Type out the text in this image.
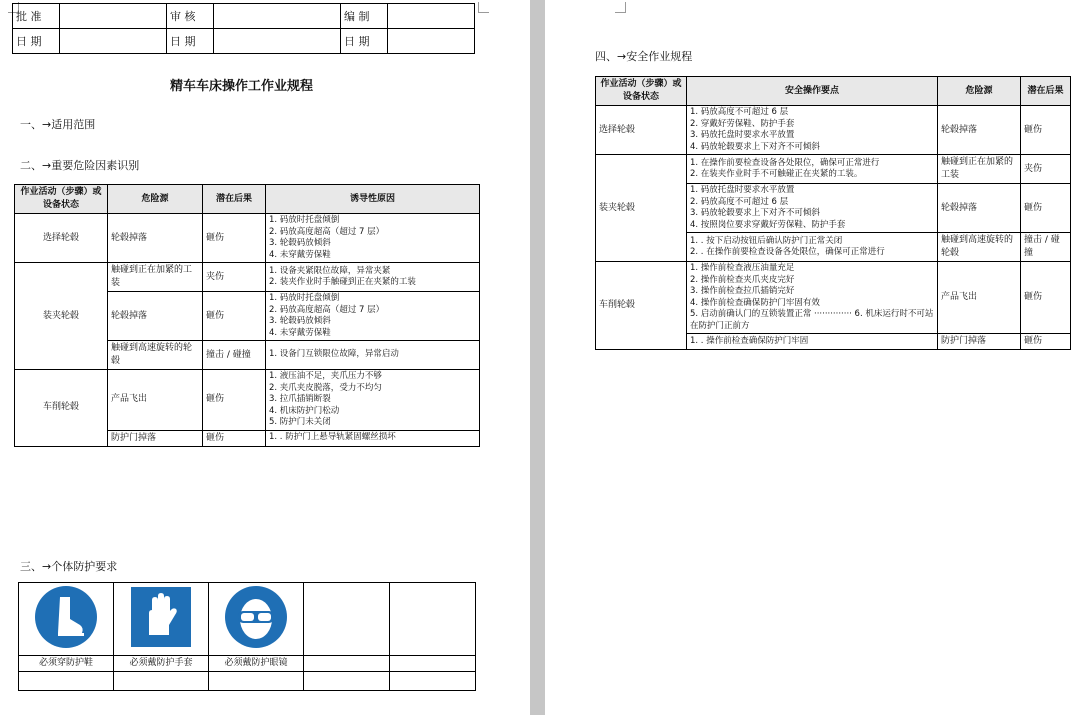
批 准		审 核		编 制	
日 期		日 期		日 期	
精车车床操作工作业规程
一、→适用范围
二、→重要危险因素识别
作业活动（步骤）或设备状态	危险源	潜在后果	诱导性原因
选择轮毂	轮毂掉落	砸伤	1. 码放时托盘倾倒
2. 码放高度超高（超过 7 层）
3. 轮毂码放倾斜
4. 未穿戴劳保鞋

装夹轮毂	触碰到正在加紧的工装	夹伤	1. 设备夹紧限位故障，异常夹紧
2. 装夹作业时手触碰到正在夹紧的工装

	轮毂掉落	砸伤	1. 码放时托盘倾倒
2. 码放高度超高（超过 7 层）
3. 轮毂码放倾斜
4. 未穿戴劳保鞋

	触碰到高速旋转的轮毂	撞击 / 碰撞	1. 设备门互锁限位故障，异常启动

车削轮毂	产品飞出	砸伤	1. 液压油不足，夹爪压力不够
2. 夹爪夹皮脱落，受力不均匀
3. 拉爪插销断裂
4. 机床防护门松动
5. 防护门未关闭

	防护门掉落	砸伤	1. . 防护门上悬导轨紧固螺丝损坏
三、→个体防护要求

必须穿防护鞋	必须戴防护手套	必须戴防护眼镜		

四、→安全作业规程
作业活动（步骤）或设备状态	安全操作要点	危险源	潜在后果
选择轮毂	1. 码放高度不可超过 6 层
2. 穿戴好劳保鞋、防护手套
3. 码放托盘时要求水平放置
4. 码放轮毂要求上下对齐不可倾斜	轮毂掉落	砸伤
装夹轮毂	1. 在操作前要检查设备各处限位，确保可正常进行
2. 在装夹作业时手不可触碰正在夹紧的工装。	触碰到正在加紧的工装	夹伤

	1. 码放托盘时要求水平放置
2. 码放高度不可超过 6 层
3. 码放轮毂要求上下对齐不可倾斜
4. 按照岗位要求穿戴好劳保鞋、防护手套	轮毂掉落	砸伤

	1. . 按下启动按钮后确认防护门正常关闭
2. . 在操作前要检查设备各处限位，确保可正常进行	触碰到高速旋转的轮毂	撞击 / 碰撞
车削轮毂	1. 操作前检查液压油量充足
2. 操作前检查夹爪夹皮完好
3. 操作前检查拉爪插销完好
4. 操作前检查确保防护门牢固有效
5. 启动前确认门的互锁装置正常 ·············· 6. 机床运行时不可站在防护门正前方	产品飞出	砸伤

	1. . 操作前检查确保防护门牢固	防护门掉落	砸伤
